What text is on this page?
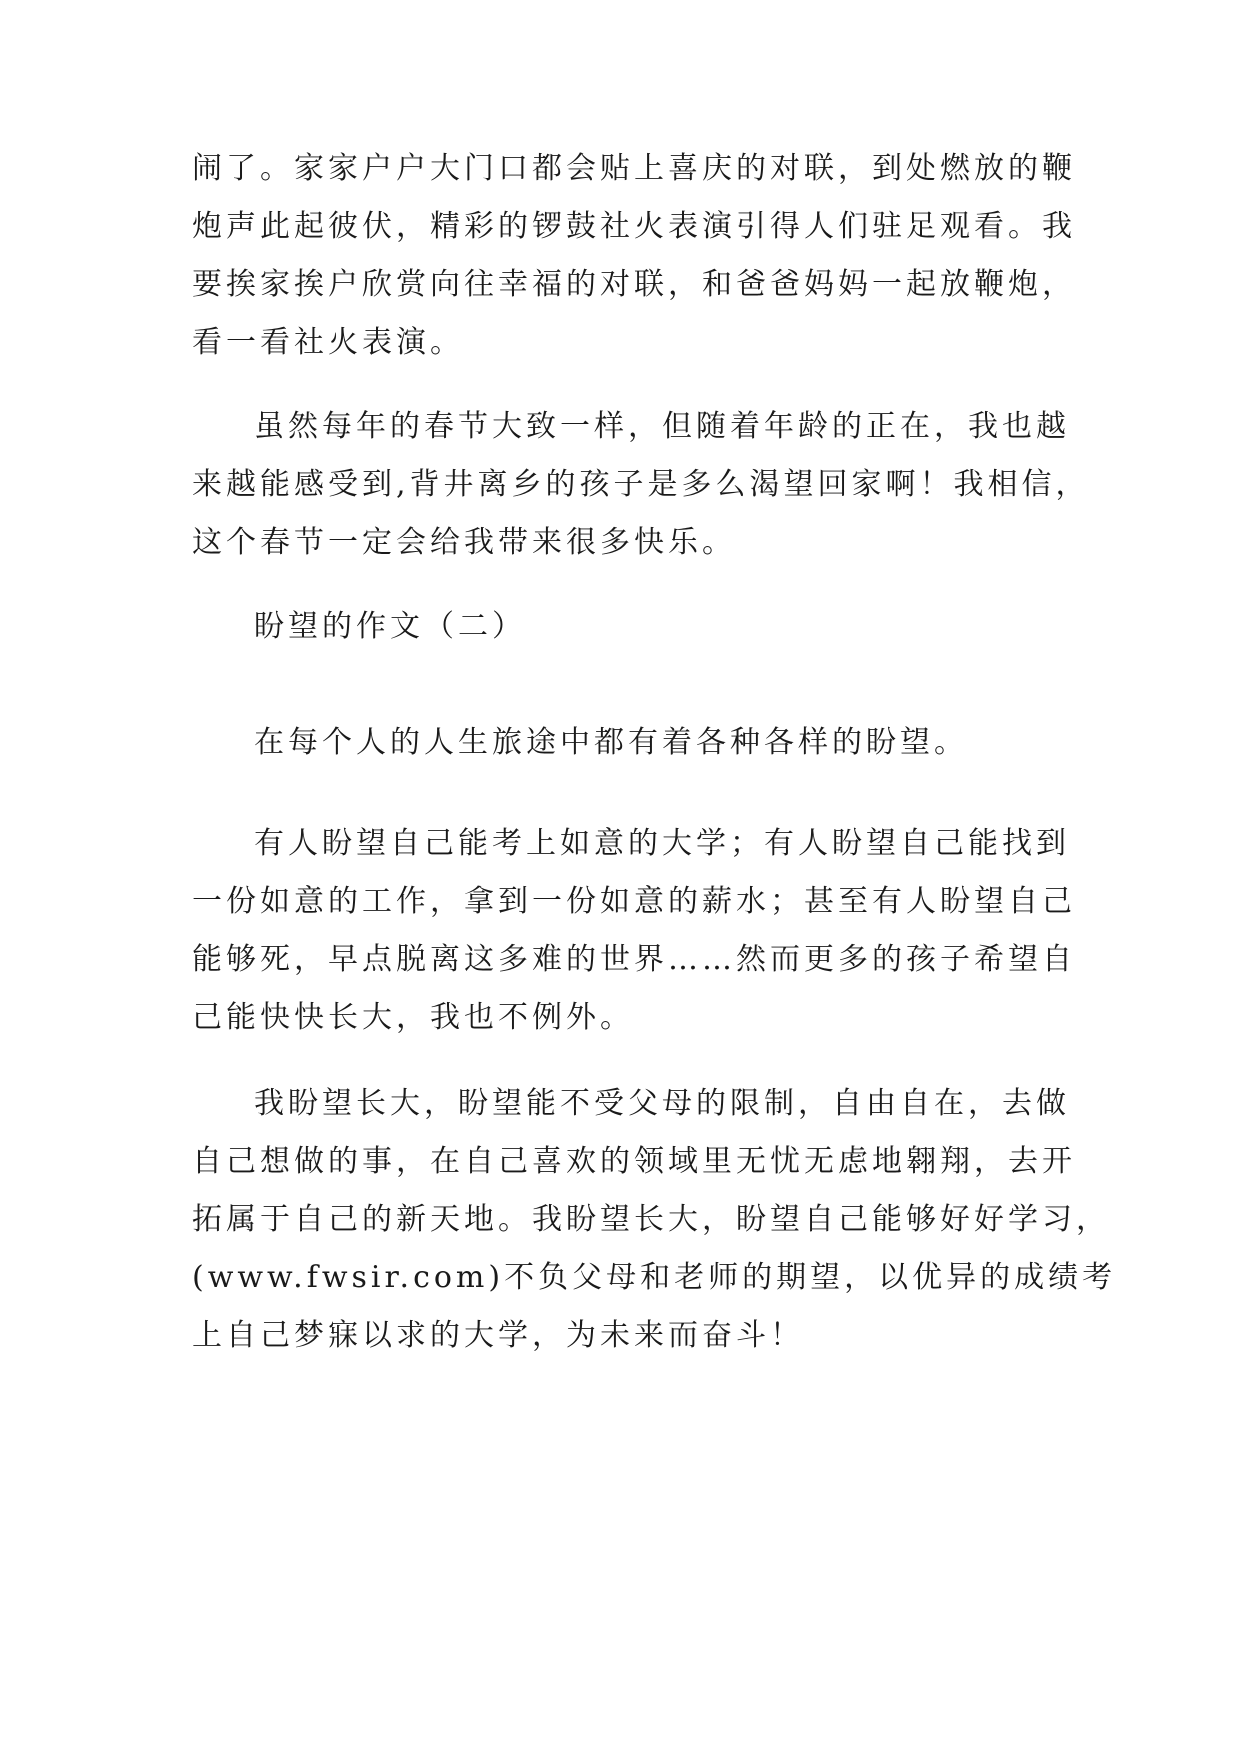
闹了。家家户户大门口都会贴上喜庆的对联，到处燃放的鞭
炮声此起彼伏，精彩的锣鼓社火表演引得人们驻足观看。我
要挨家挨户欣赏向往幸福的对联，和爸爸妈妈一起放鞭炮，
看一看社火表演。

虽然每年的春节大致一样，但随着年龄的正在，我也越
来越能感受到,背井离乡的孩子是多么渴望回家啊！我相信，
这个春节一定会给我带来很多快乐。

盼望的作文（二）

在每个人的人生旅途中都有着各种各样的盼望。

有人盼望自己能考上如意的大学；有人盼望自己能找到
一份如意的工作，拿到一份如意的薪水；甚至有人盼望自己
能够死，早点脱离这多难的世界……然而更多的孩子希望自
己能快快长大，我也不例外。

我盼望长大，盼望能不受父母的限制，自由自在，去做
自己想做的事，在自己喜欢的领域里无忧无虑地翱翔，去开
拓属于自己的新天地。我盼望长大，盼望自己能够好好学习，
(www.fwsir.com)不负父母和老师的期望，以优异的成绩考
上自己梦寐以求的大学，为未来而奋斗！
